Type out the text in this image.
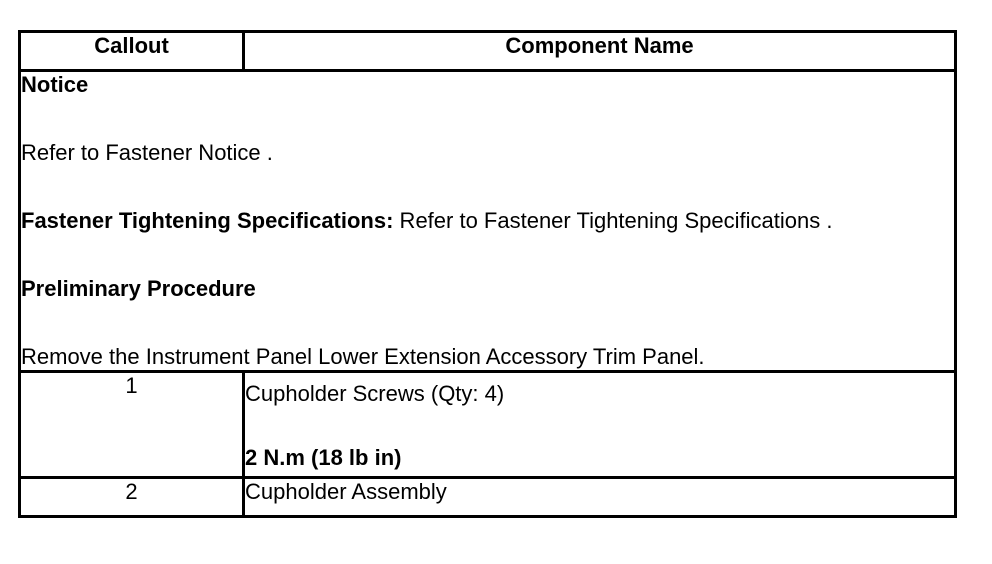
Callout	Component Name

Notice

Refer to Fastener Notice .

Fastener Tightening Specifications: Refer to Fastener Tightening Specifications .

Preliminary Procedure

Remove the Instrument Panel Lower Extension Accessory Trim Panel.	

1	Cupholder Screws (Qty: 4)
2 N.m (18 lb in)

2	Cupholder Assembly
